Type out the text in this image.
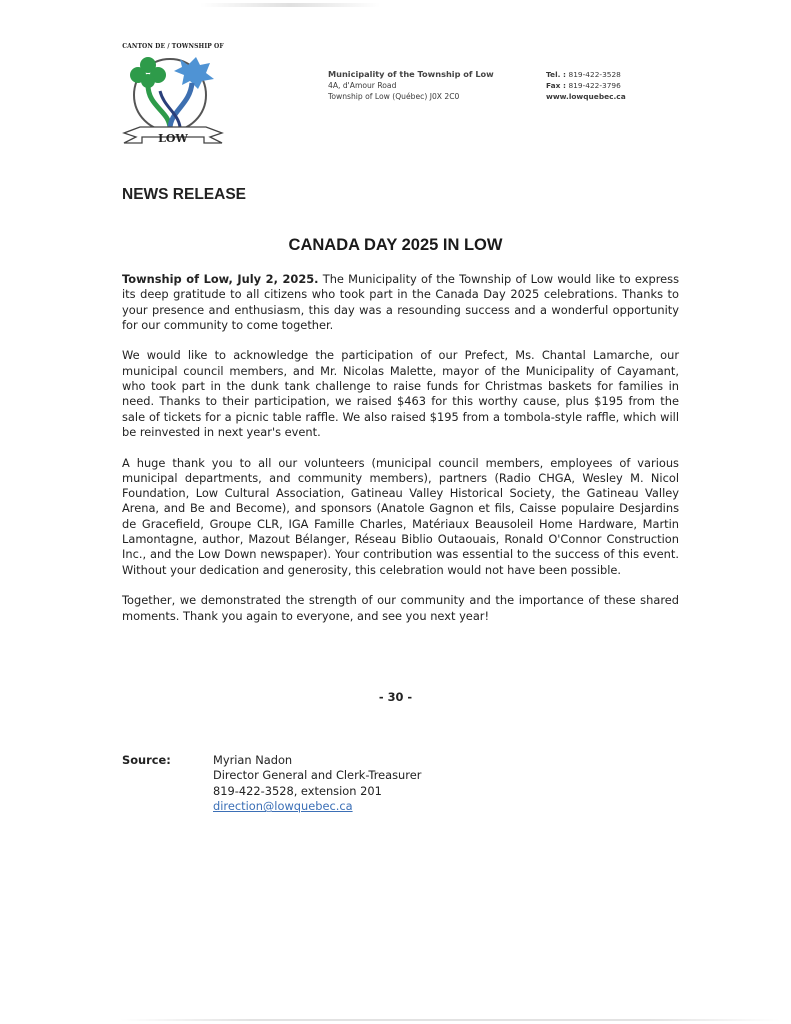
CANTON DE / TOWNSHIP OF
LOW
Municipality of the Township of Low
4A, d'Amour Road
Township of Low (Québec) J0X 2C0
Tel. : 819-422-3528
Fax : 819-422-3796
www.lowquebec.ca
NEWS RELEASE
CANADA DAY 2025 IN LOW

Township of Low, July 2, 2025. The Municipality of the Township of Low would like to express its deep gratitude to all citizens who took part in the Canada Day 2025 celebrations. Thanks to your presence and enthusiasm, this day was a resounding success and a wonderful opportunity for our community to come together.

We would like to acknowledge the participation of our Prefect, Ms. Chantal Lamarche, our municipal council members, and Mr. Nicolas Malette, mayor of the Municipality of Cayamant, who took part in the dunk tank challenge to raise funds for Christmas baskets for families in need. Thanks to their participation, we raised $463 for this worthy cause, plus $195 from the sale of tickets for a picnic table raffle. We also raised $195 from a tombola-style raffle, which will be reinvested in next year's event.

A huge thank you to all our volunteers (municipal council members, employees of various municipal departments, and community members), partners (Radio CHGA, Wesley M. Nicol Foundation, Low Cultural Association, Gatineau Valley Historical Society, the Gatineau Valley Arena, and Be and Become), and sponsors (Anatole Gagnon et fils, Caisse populaire Desjardins de Gracefield, Groupe CLR, IGA Famille Charles, Matériaux Beausoleil Home Hardware, Martin Lamontagne, author, Mazout Bélanger, Réseau Biblio Outaouais, Ronald O'Connor Construction Inc., and the Low Down newspaper). Your contribution was essential to the success of this event. Without your dedication and generosity, this celebration would not have been possible.

Together, we demonstrated the strength of our community and the importance of these shared moments. Thank you again to everyone, and see you next year!

- 30 -
Source:	Myrian Nadon
Director General and Clerk-Treasurer
819-422-3528, extension 201
direction@lowquebec.ca
